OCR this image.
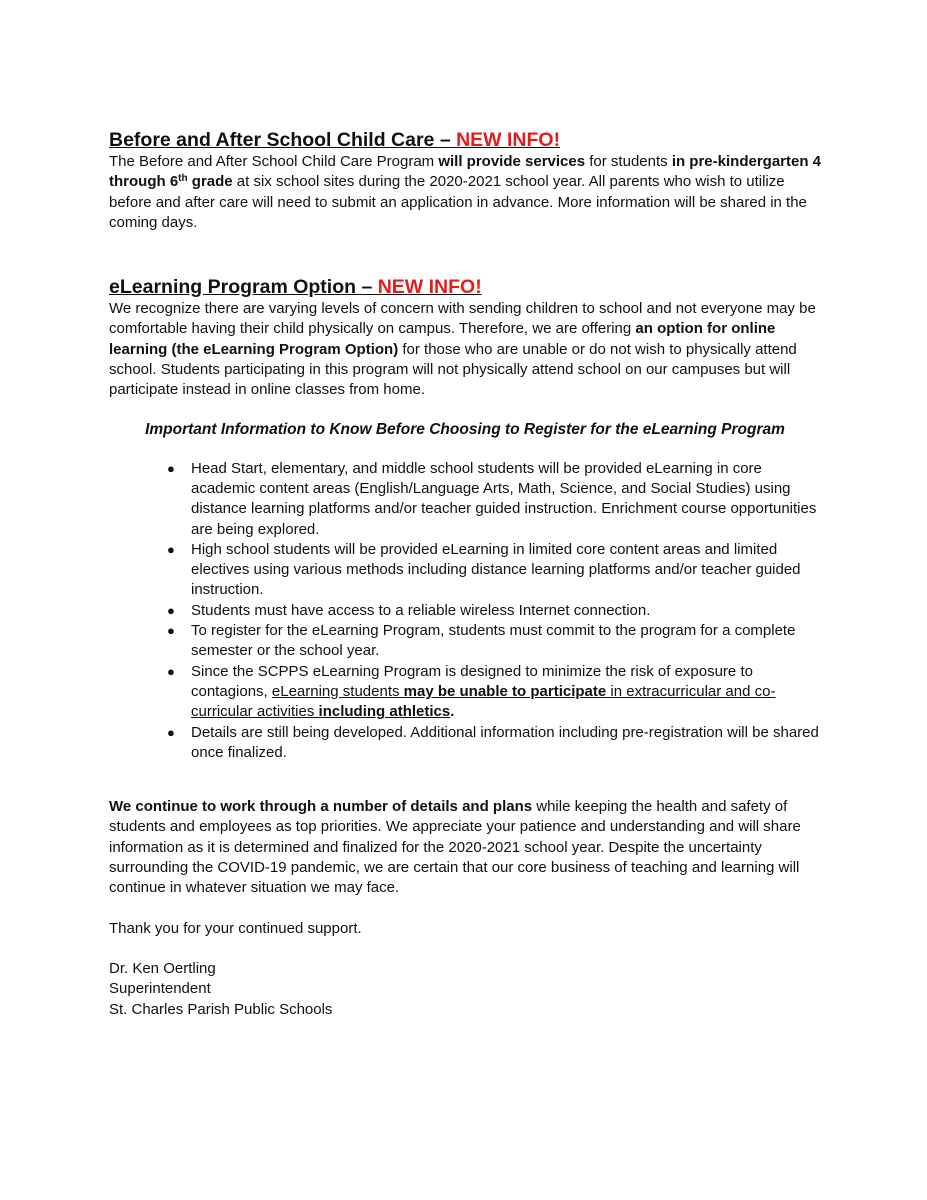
Before and After School Child Care – NEW INFO!

The Before and After School Child Care Program will provide services for students in pre-kindergarten 4 through 6th grade at six school sites during the 2020-2021 school year. All parents who wish to utilize before and after care will need to submit an application in advance. More information will be shared in the coming days.

eLearning Program Option – NEW INFO!

We recognize there are varying levels of concern with sending children to school and not everyone may be comfortable having their child physically on campus. Therefore, we are offering an option for online learning (the eLearning Program Option) for those who are unable or do not wish to physically attend school. Students participating in this program will not physically attend school on our campuses but will participate instead in online classes from home.

Important Information to Know Before Choosing to Register for the eLearning Program
● Head Start, elementary, and middle school students will be provided eLearning in core academic content areas (English/Language Arts, Math, Science, and Social Studies) using distance learning platforms and/or teacher guided instruction. Enrichment course opportunities are being explored.
● High school students will be provided eLearning in limited core content areas and limited electives using various methods including distance learning platforms and/or teacher guided instruction.
● Students must have access to a reliable wireless Internet connection.
● To register for the eLearning Program, students must commit to the program for a complete semester or the school year.
● Since the SCPPS eLearning Program is designed to minimize the risk of exposure to contagions, eLearning students may be unable to participate in extracurricular and co-curricular activities including athletics.
● Details are still being developed. Additional information including pre-registration will be shared once finalized.

We continue to work through a number of details and plans while keeping the health and safety of students and employees as top priorities. We appreciate your patience and understanding and will share information as it is determined and finalized for the 2020-2021 school year. Despite the uncertainty surrounding the COVID-19 pandemic, we are certain that our core business of teaching and learning will continue in whatever situation we may face.

Thank you for your continued support.

Dr. Ken Oertling

Superintendent

St. Charles Parish Public Schools
